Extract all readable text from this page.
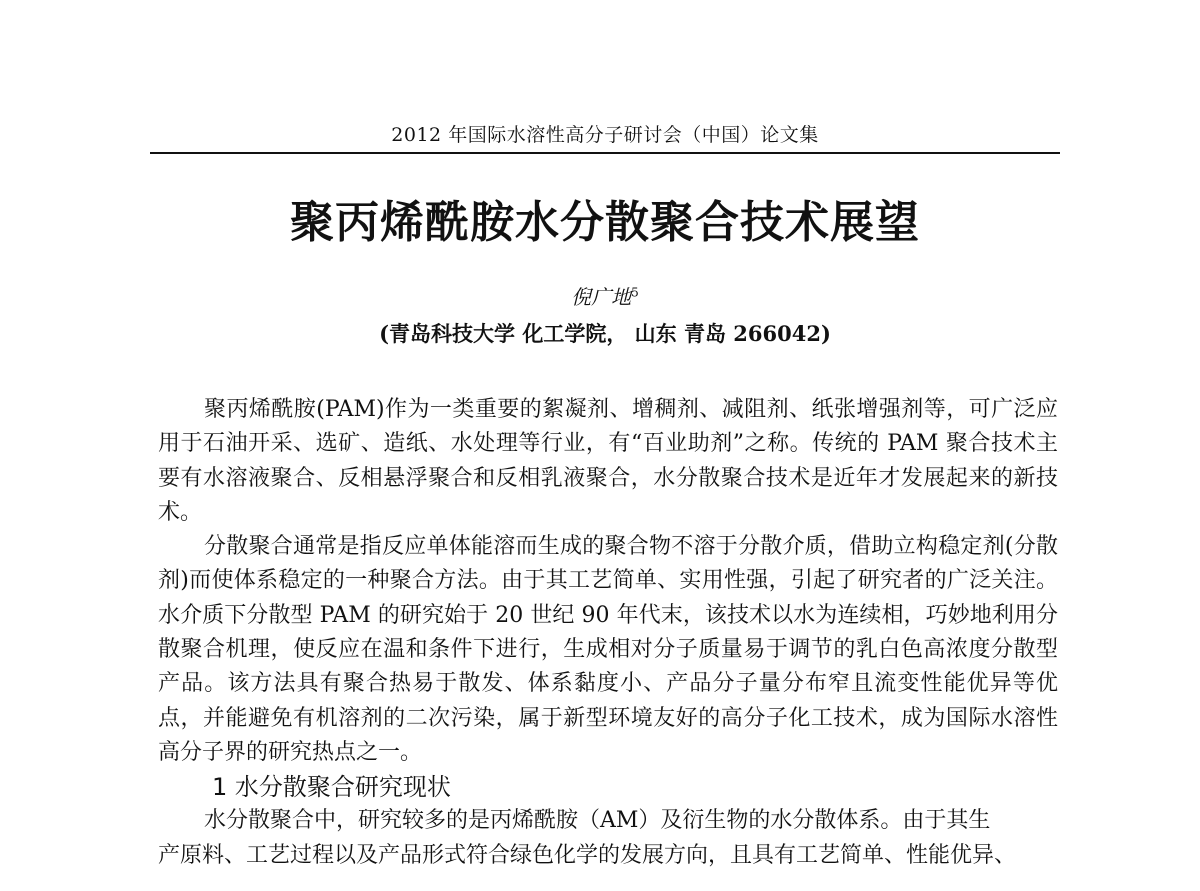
2012 年国际水溶性高分子研讨会（中国）论文集
聚丙烯酰胺水分散聚合技术展望
倪广地$^5$
(青岛科技大学 化工学院， 山东 青岛 266042)

聚丙烯酰胺(PAM)作为一类重要的絮凝剂、增稠剂、减阻剂、纸张增强剂等，可广泛应用于石油开采、选矿、造纸、水处理等行业，有“百业助剂”之称。传统的 PAM 聚合技术主要有水溶液聚合、反相悬浮聚合和反相乳液聚合，水分散聚合技术是近年才发展起来的新技术。

分散聚合通常是指反应单体能溶而生成的聚合物不溶于分散介质，借助立构稳定剂(分散剂)而使体系稳定的一种聚合方法。由于其工艺简单、实用性强，引起了研究者的广泛关注。水介质下分散型 PAM 的研究始于 20 世纪 90 年代末，该技术以水为连续相，巧妙地利用分散聚合机理，使反应在温和条件下进行，生成相对分子质量易于调节的乳白色高浓度分散型产品。该方法具有聚合热易于散发、体系黏度小、产品分子量分布窄且流变性能优异等优点，并能避免有机溶剂的二次污染，属于新型环境友好的高分子化工技术，成为国际水溶性高分子界的研究热点之一。

1 水分散聚合研究现状

水分散聚合中，研究较多的是丙烯酰胺（AM）及衍生物的水分散体系。由于其生

产原料、工艺过程以及产品形式符合绿色化学的发展方向，且具有工艺简单、性能优异、
